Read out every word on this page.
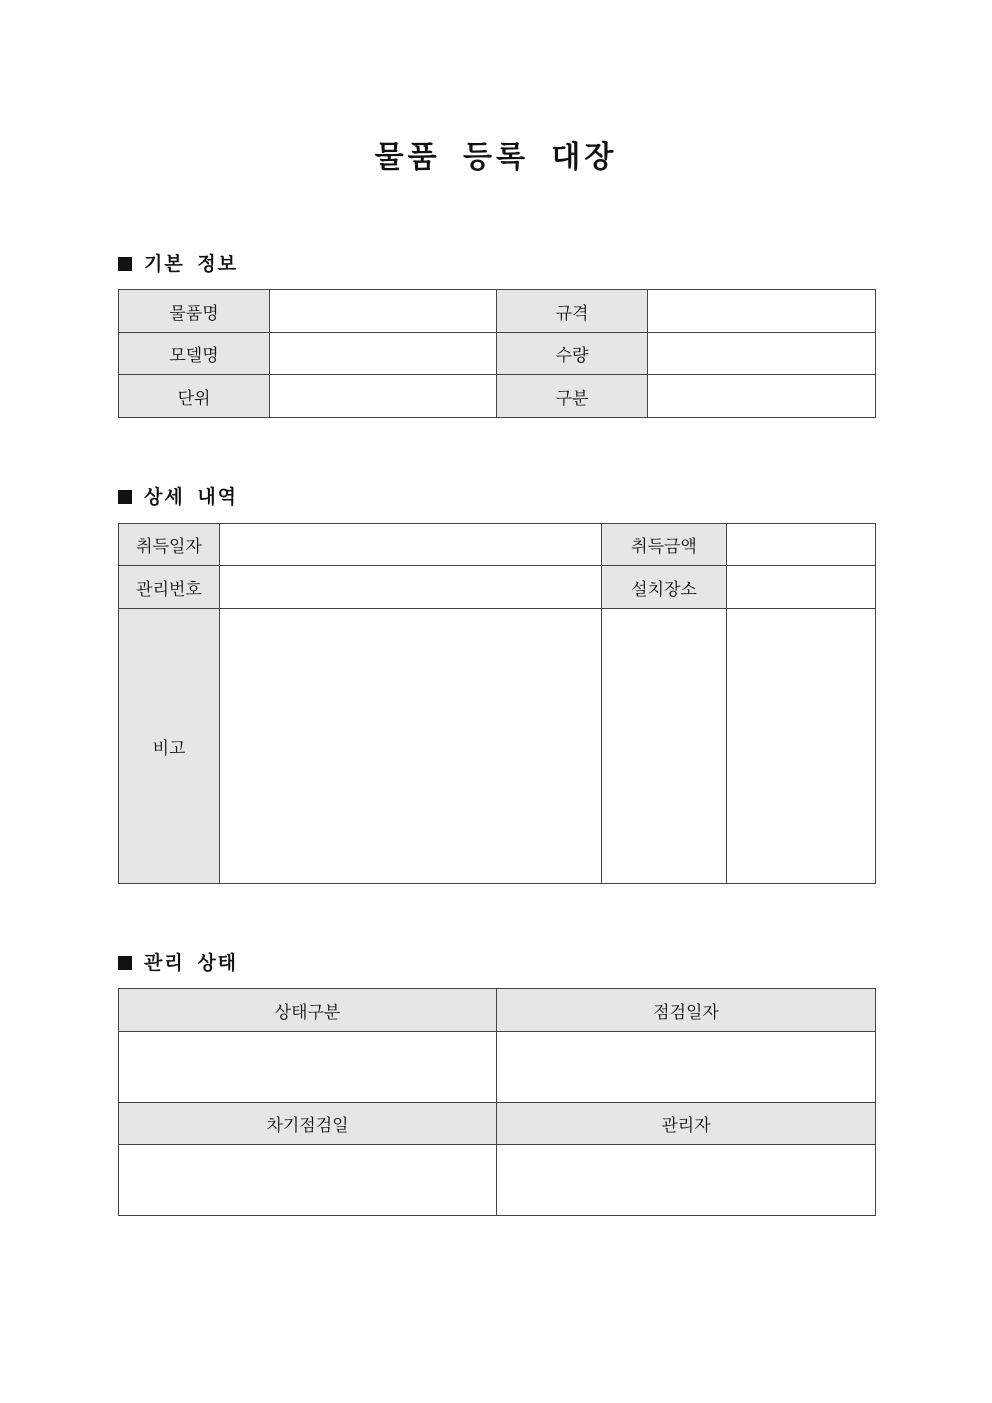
물품 등록 대장
기본 정보
물품명		규격	
모델명		수량	
단위		구분	
상세 내역
취득일자		취득금액	
관리번호		설치장소	
비고			
관리 상태
상태구분	점검일자

차기점검일	관리자
